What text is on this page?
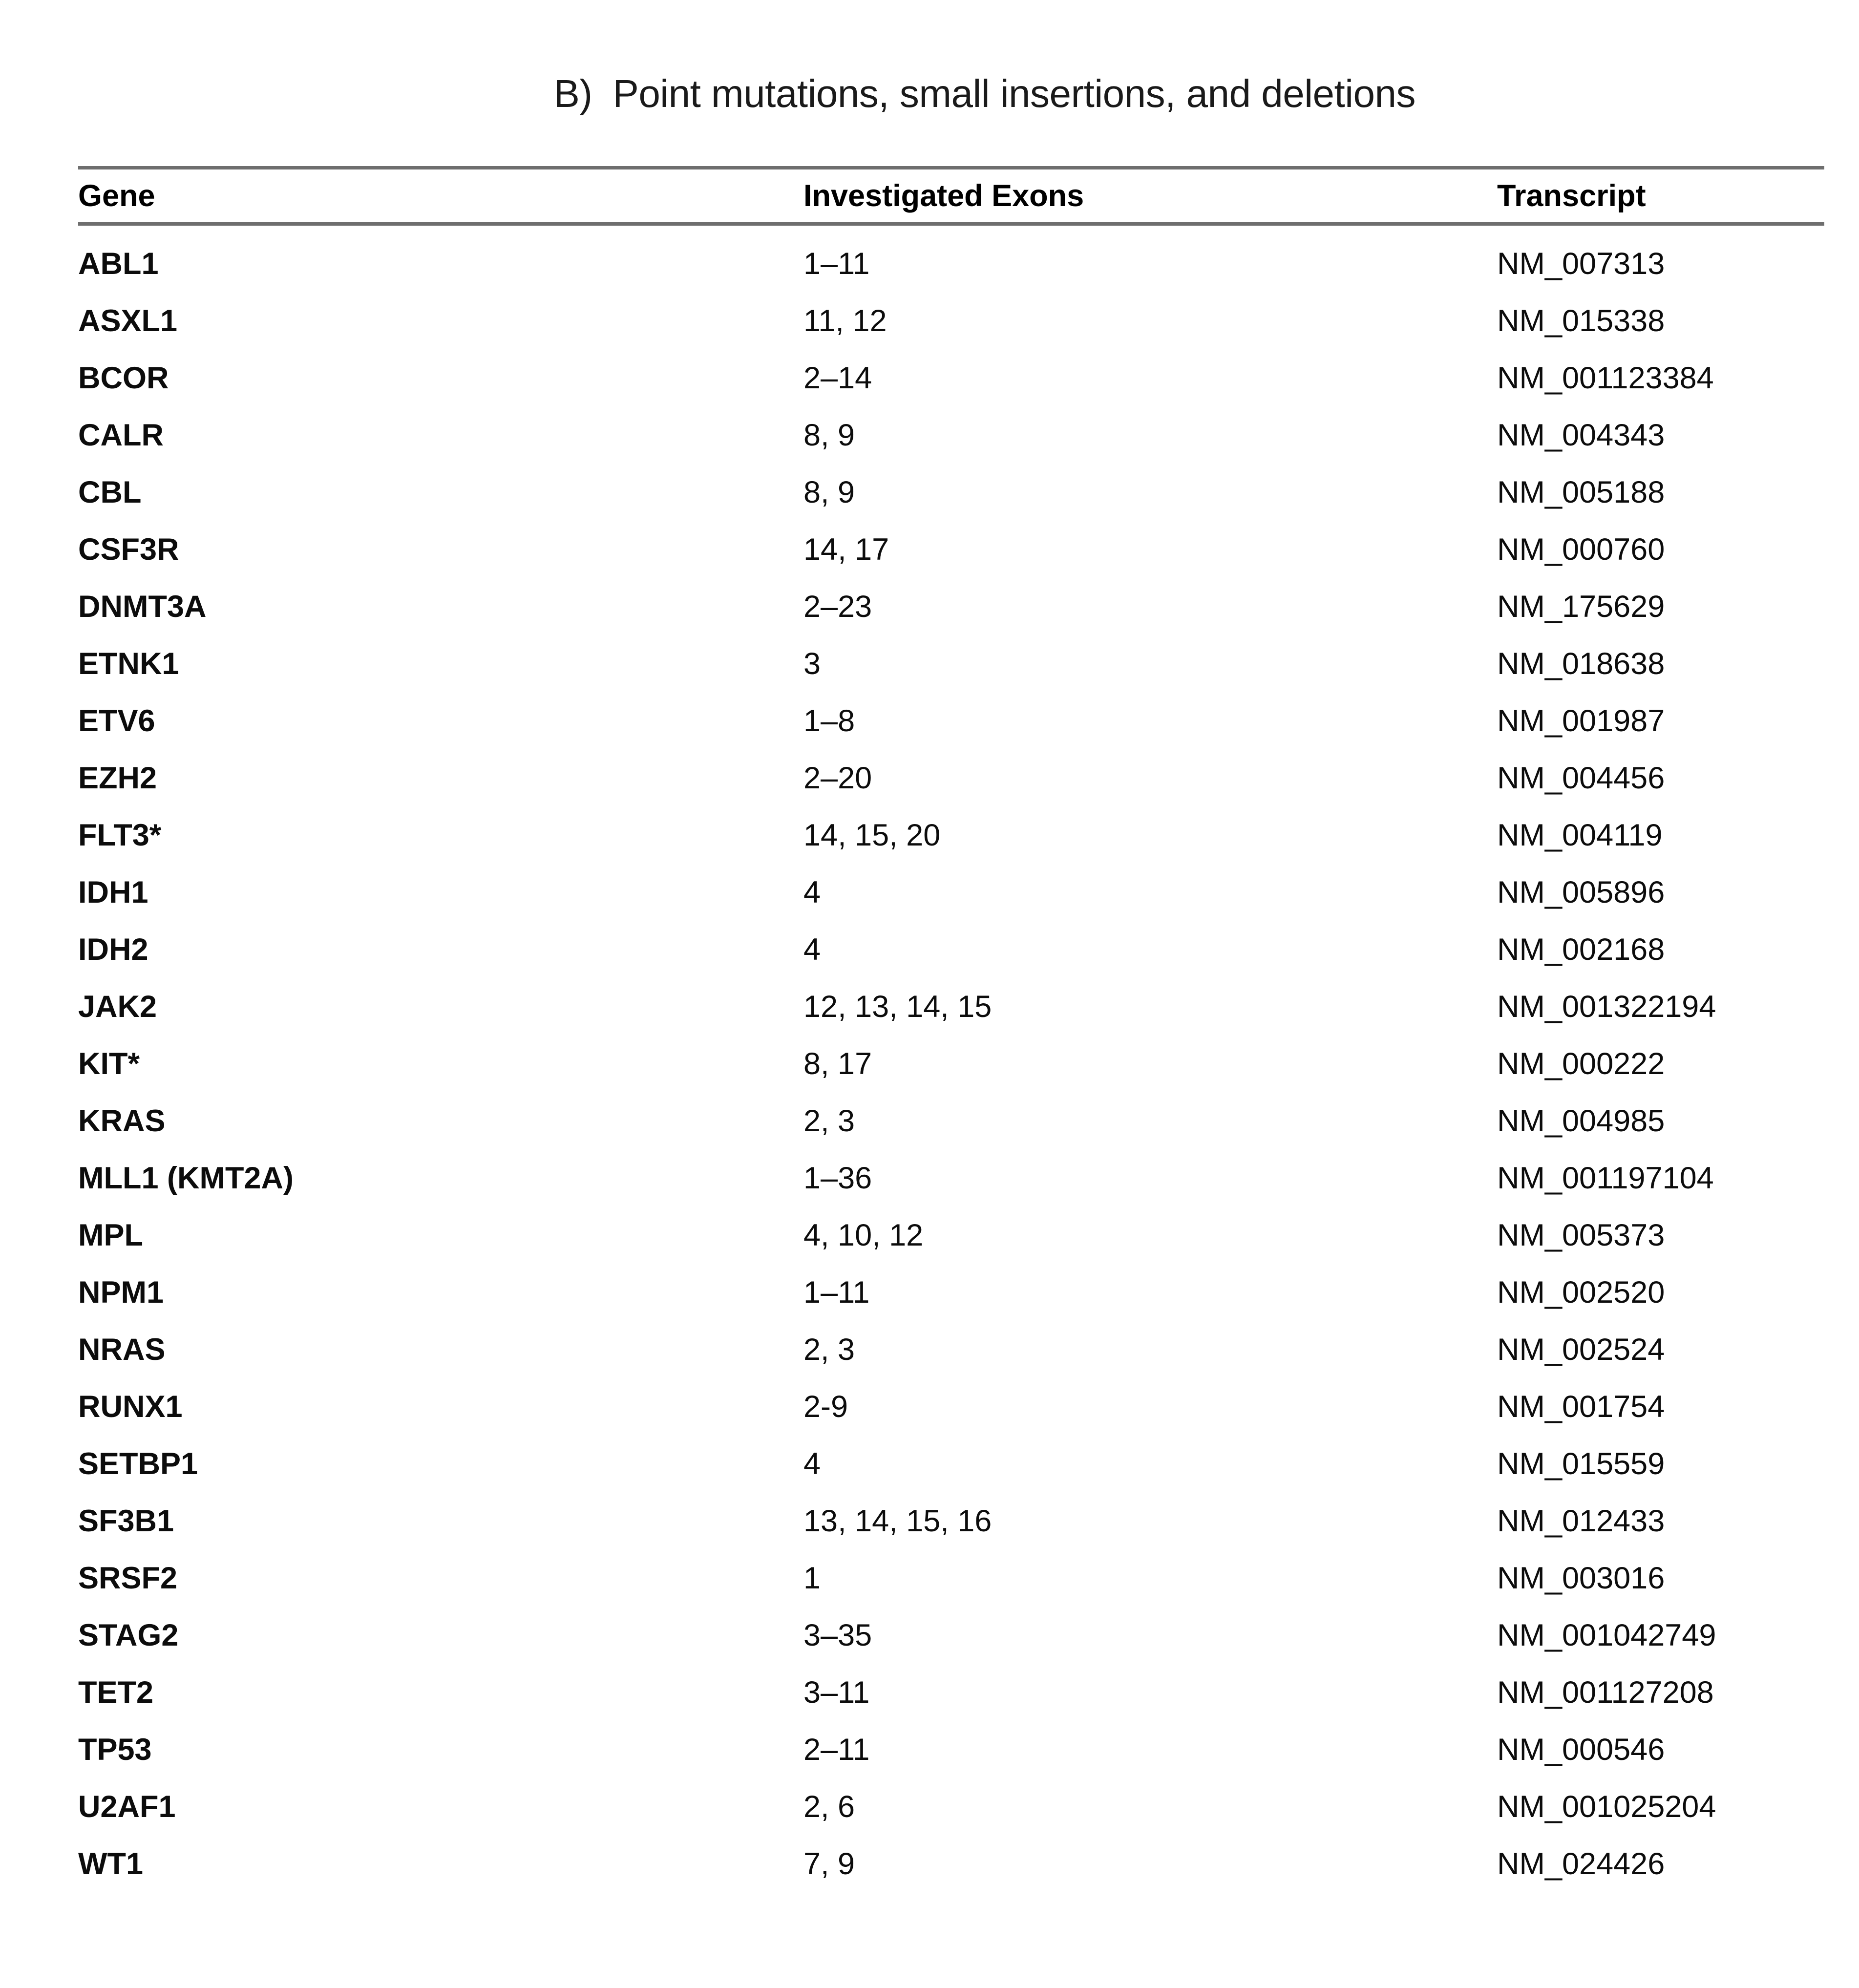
B) Point mutations, small insertions, and deletions

Gene	Investigated Exons	Transcript
ABL1	1–11	NM_007313
ASXL1	11, 12	NM_015338
BCOR	2–14	NM_001123384
CALR	8, 9	NM_004343
CBL	8, 9	NM_005188
CSF3R	14, 17	NM_000760
DNMT3A	2–23	NM_175629
ETNK1	3	NM_018638
ETV6	1–8	NM_001987
EZH2	2–20	NM_004456
FLT3*	14, 15, 20	NM_004119
IDH1	4	NM_005896
IDH2	4	NM_002168
JAK2	12, 13, 14, 15	NM_001322194
KIT*	8, 17	NM_000222
KRAS	2, 3	NM_004985
MLL1 (KMT2A)	1–36	NM_001197104
MPL	4, 10, 12	NM_005373
NPM1	1–11	NM_002520
NRAS	2, 3	NM_002524
RUNX1	2-9	NM_001754
SETBP1	4	NM_015559
SF3B1	13, 14, 15, 16	NM_012433
SRSF2	1	NM_003016
STAG2	3–35	NM_001042749
TET2	3–11	NM_001127208
TP53	2–11	NM_000546
U2AF1	2, 6	NM_001025204
WT1	7, 9	NM_024426
